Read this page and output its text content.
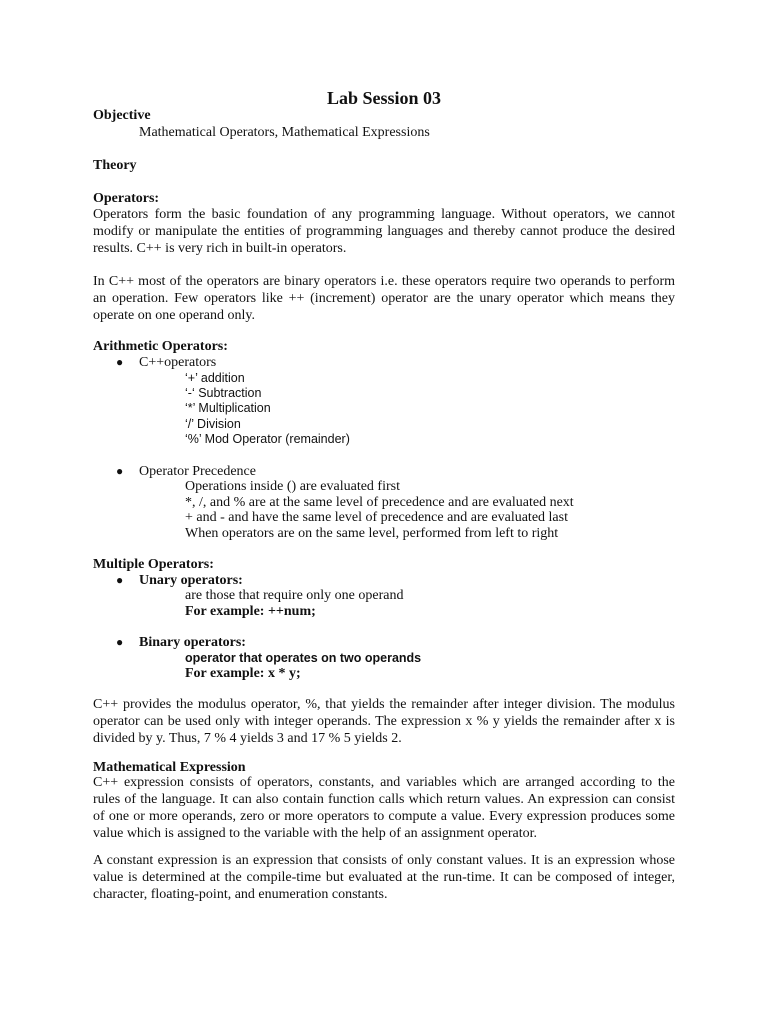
Lab Session 03
Objective
Mathematical Operators, Mathematical Expressions
Theory
Operators:

Operators form the basic foundation of any programming language. Without operators, we cannot modify or manipulate the entities of programming languages and thereby cannot produce the desired results. C++ is very rich in built-in operators.

In C++ most of the operators are binary operators i.e. these operators require two operands to perform an operation. Few operators like ++ (increment) operator are the unary operator which means they operate on one operand only.

Arithmetic Operators:
● C++operators
‘+’ addition
‘-‘ Subtraction
‘*’ Multiplication
‘/’ Division
‘%’ Mod Operator (remainder)
● Operator Precedence
Operations inside () are evaluated first
*, /, and % are at the same level of precedence and are evaluated next
+ and - and have the same level of precedence and are evaluated last
When operators are on the same level, performed from left to right
Multiple Operators:
● Unary operators:
are those that require only one operand
For example: ++num;
● Binary operators:
operator that operates on two operands
For example: x * y;

C++ provides the modulus operator, %, that yields the remainder after integer division. The modulus operator can be used only with integer operands. The expression x % y yields the remainder after x is divided by y. Thus, 7 % 4 yields 3 and 17 % 5 yields 2.

Mathematical Expression

C++ expression consists of operators, constants, and variables which are arranged according to the rules of the language. It can also contain function calls which return values. An expression can consist of one or more operands, zero or more operators to compute a value. Every expression produces some value which is assigned to the variable with the help of an assignment operator.

A constant expression is an expression that consists of only constant values. It is an expression whose value is determined at the compile-time but evaluated at the run-time. It can be composed of integer, character, floating-point, and enumeration constants.
